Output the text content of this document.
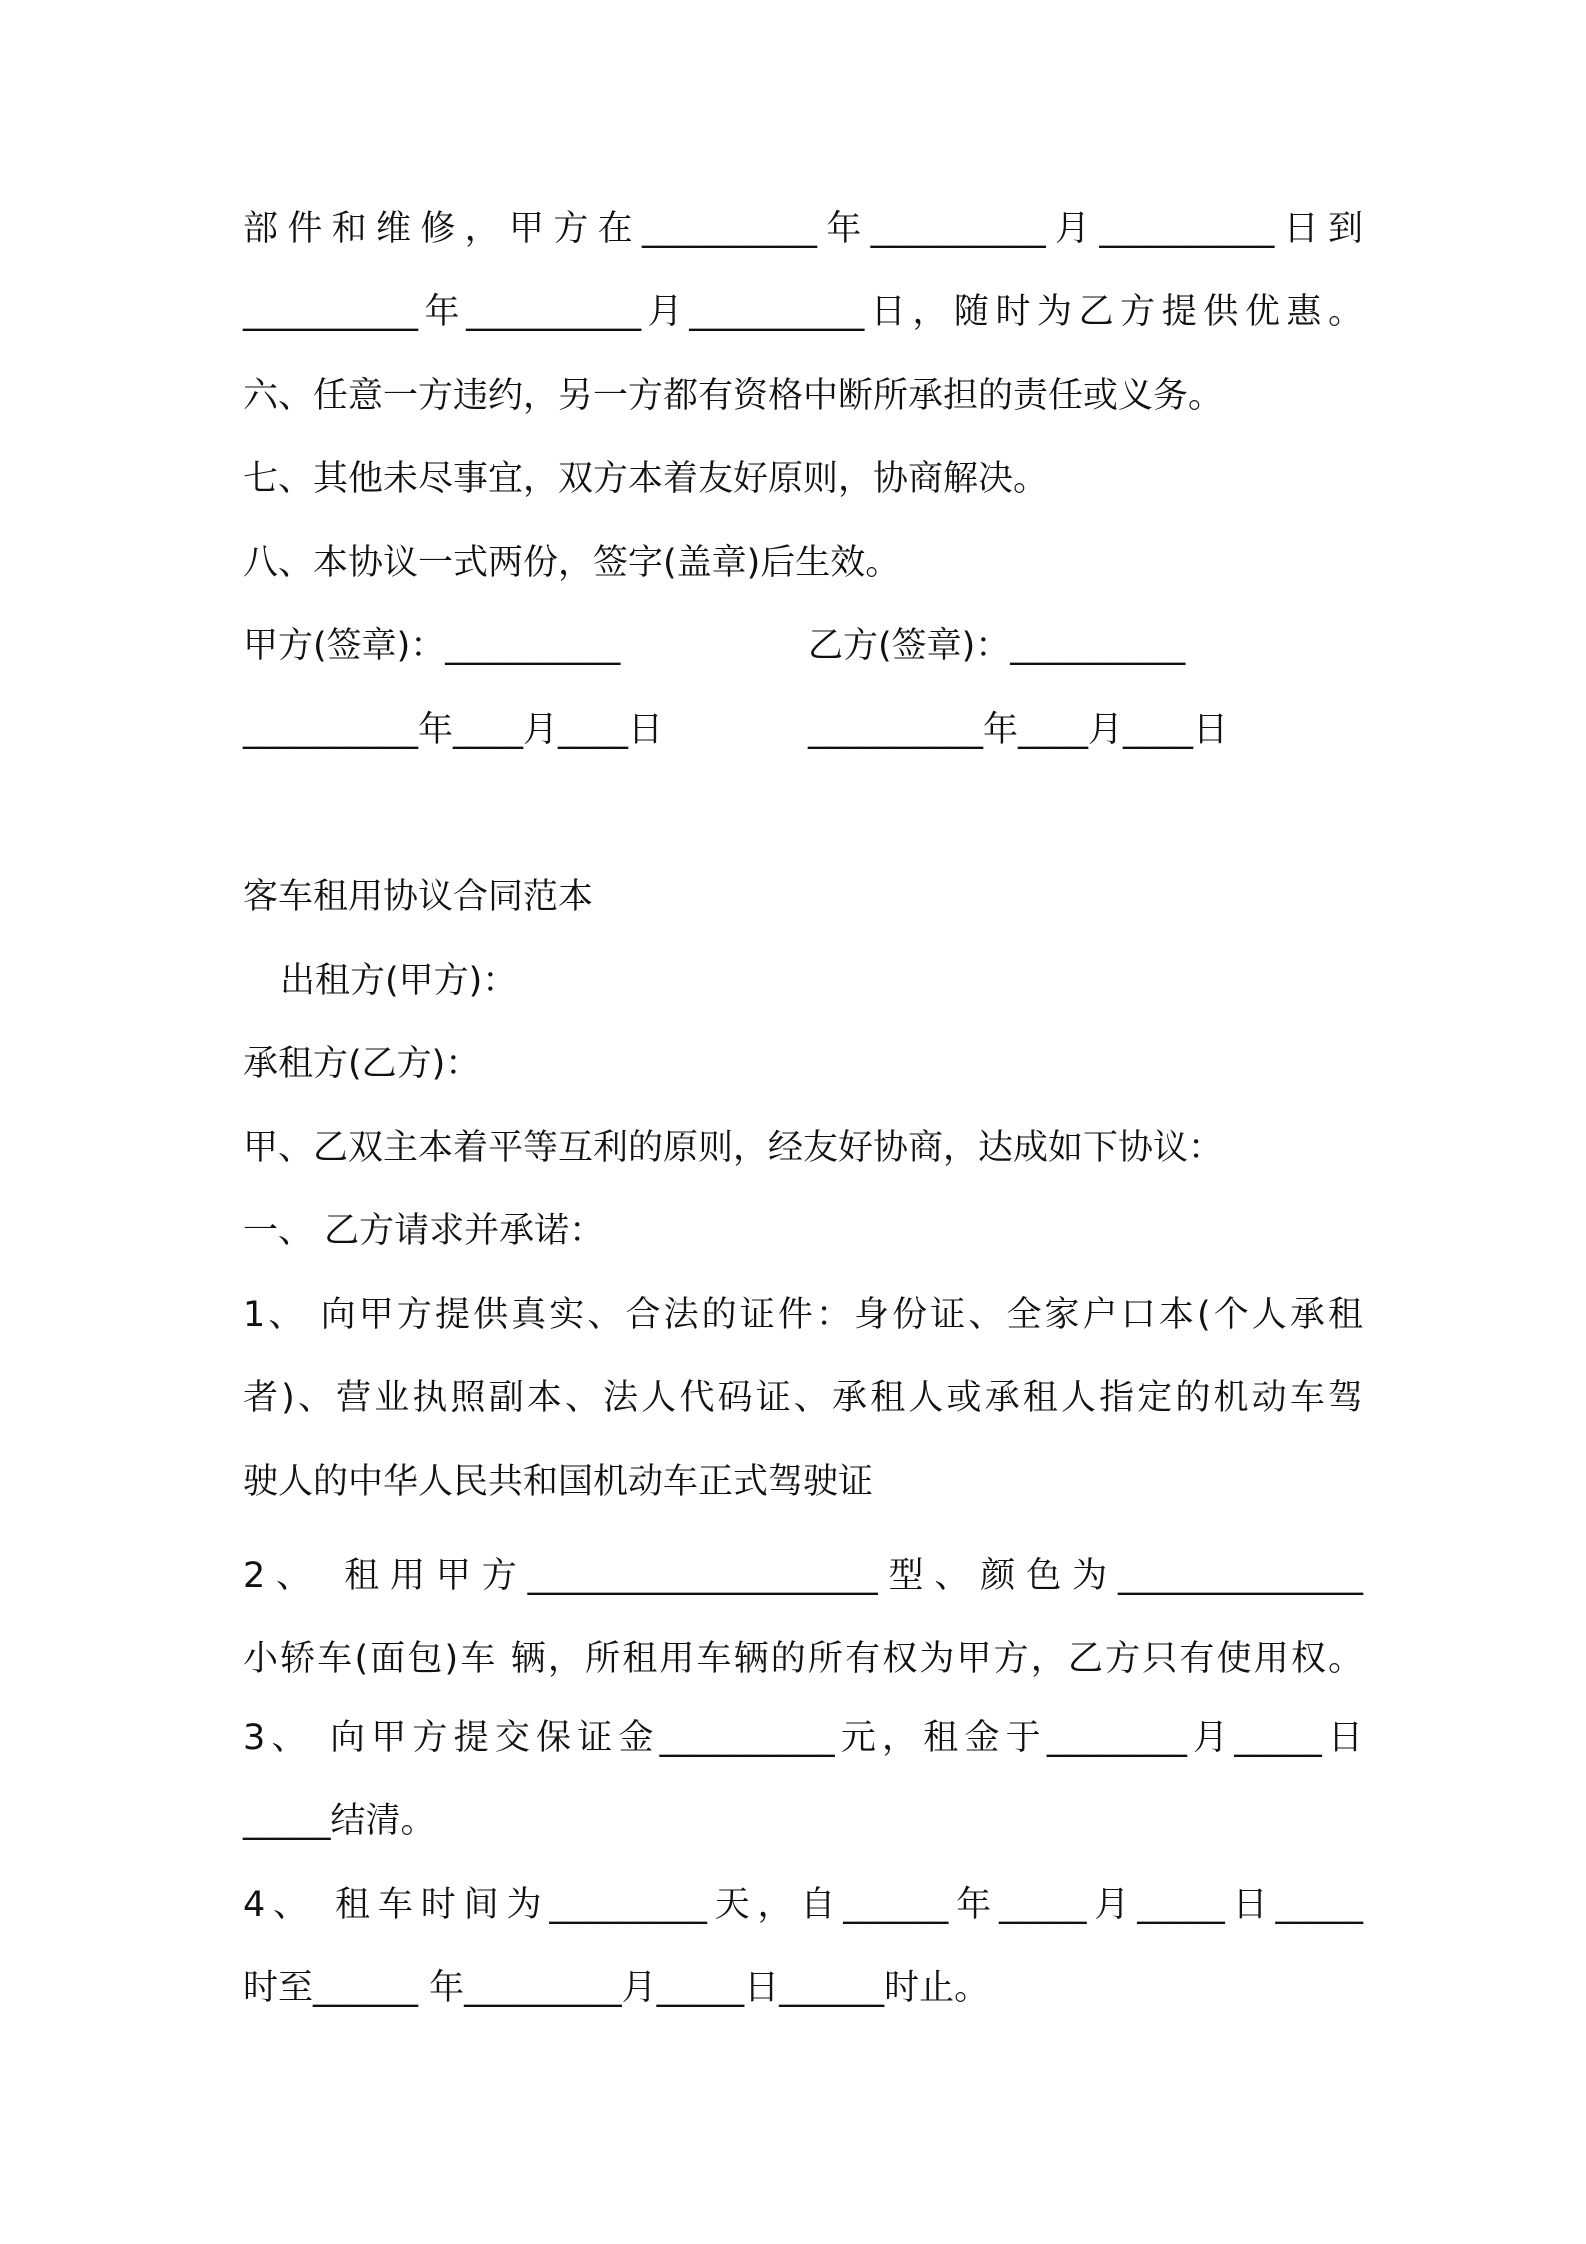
部件和维修，甲方在__________年__________月__________日到
__________年__________月__________日，随时为乙方提供优惠。
六、任意一方违约，另一方都有资格中断所承担的责任或义务。
七、其他未尽事宜，双方本着友好原则，协商解决。
八、本协议一式两份，签字(盖章)后生效。
甲方(签章)：__________	乙方(签章)：__________
__________年____月____日	__________年____月____日
客车租用协议合同范本
出租方(甲方)：
承租方(乙方)：
甲、乙双主本着平等互利的原则，经友好协商，达成如下协议：
一、 乙方请求并承诺：
1、 向甲方提供真实、合法的证件：身份证、全家户口本(个人承租
者)、营业执照副本、法人代码证、承租人或承租人指定的机动车驾
驶人的中华人民共和国机动车正式驾驶证
2、 租用甲方____________________型、颜色为______________
小轿车(面包)车 辆，所租用车辆的所有权为甲方，乙方只有使用权。
3、 向甲方提交保证金__________元，租金于________月_____日
_____结清。
4、 租车时间为_________天，自______年_____月_____日_____
时至______ 年_________月_____日______时止。
